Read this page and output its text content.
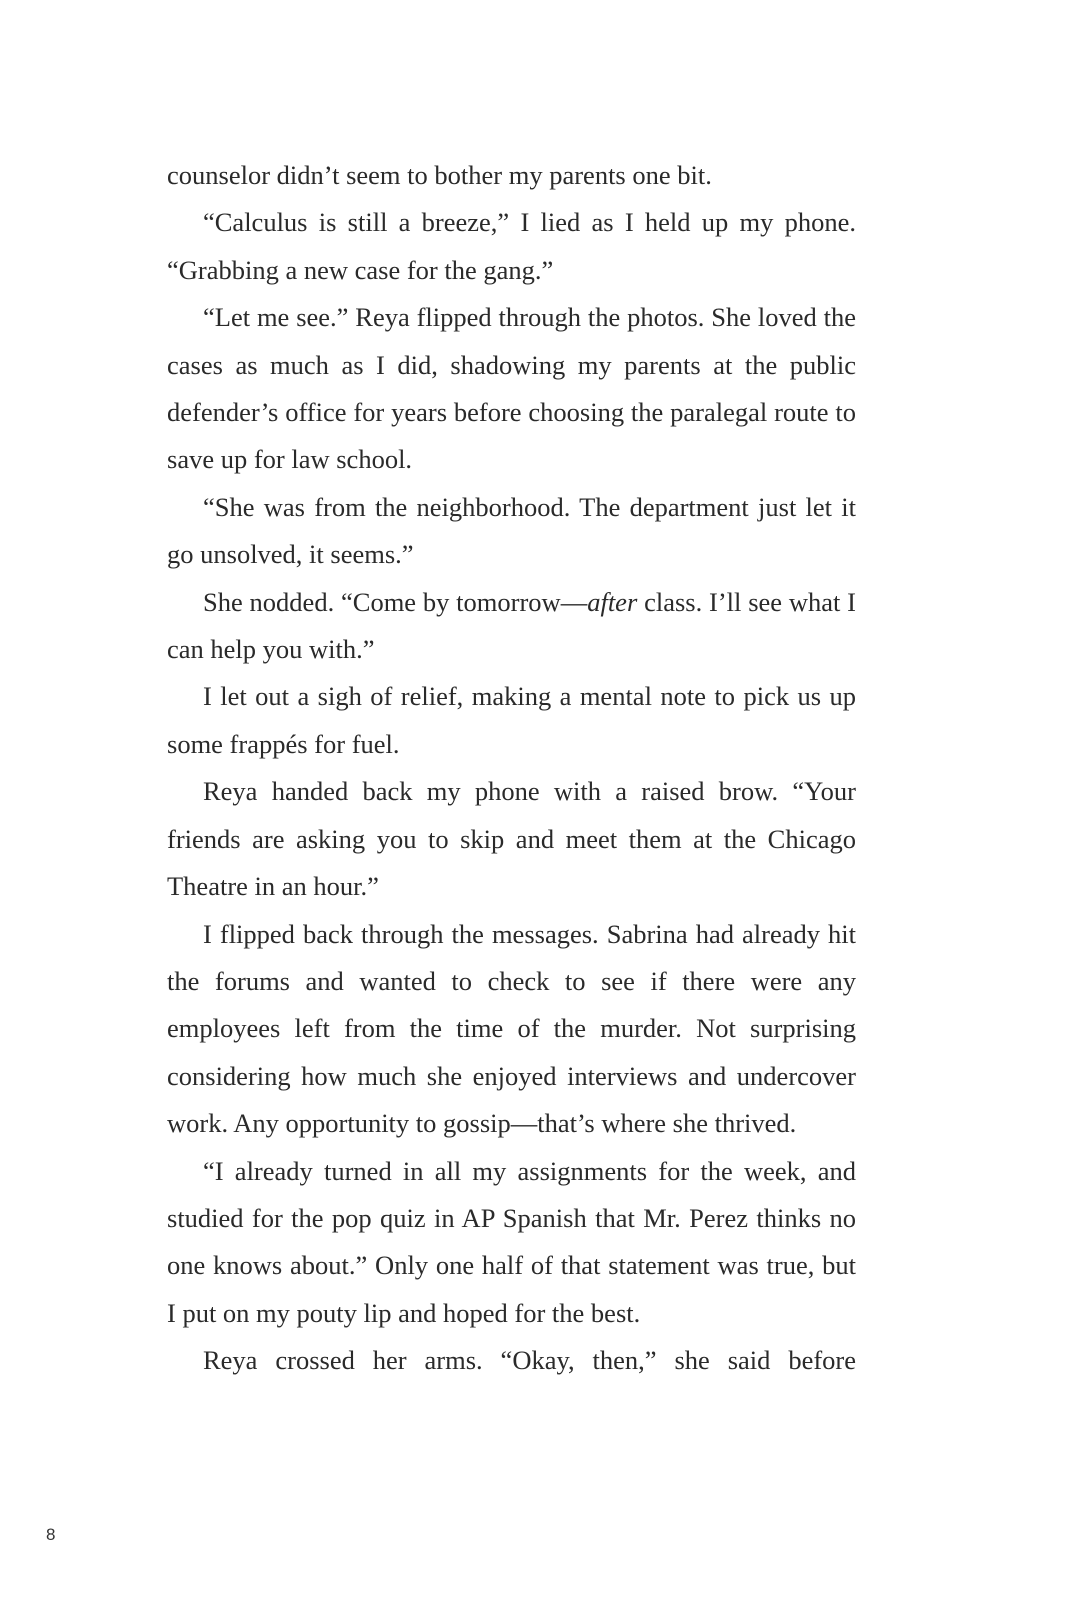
counselor didn’t seem to bother my parents one bit.

“Calculus is still a breeze,” I lied as I held up my phone. “Grabbing a new case for the gang.”

“Let me see.” Reya flipped through the photos. She loved the cases as much as I did, shadowing my parents at the public defender’s office for years before choosing the paralegal route to save up for law school.

“She was from the neighborhood. The department just let it go unsolved, it seems.”

She nodded. “Come by tomorrow—after class. I’ll see what I can help you with.”

I let out a sigh of relief, making a mental note to pick us up some frappés for fuel.

Reya handed back my phone with a raised brow. “Your friends are asking you to skip and meet them at the Chicago Theatre in an hour.”

I flipped back through the messages. Sabrina had already hit the forums and wanted to check to see if there were any employees left from the time of the murder. Not surprising considering how much she enjoyed interviews and undercover work. Any opportunity to gossip—that’s where she thrived.

“I already turned in all my assignments for the week, and studied for the pop quiz in AP Spanish that Mr. Perez thinks no one knows about.” Only one half of that statement was true, but I put on my pouty lip and hoped for the best.

Reya crossed her arms. “Okay, then,” she said before

8
